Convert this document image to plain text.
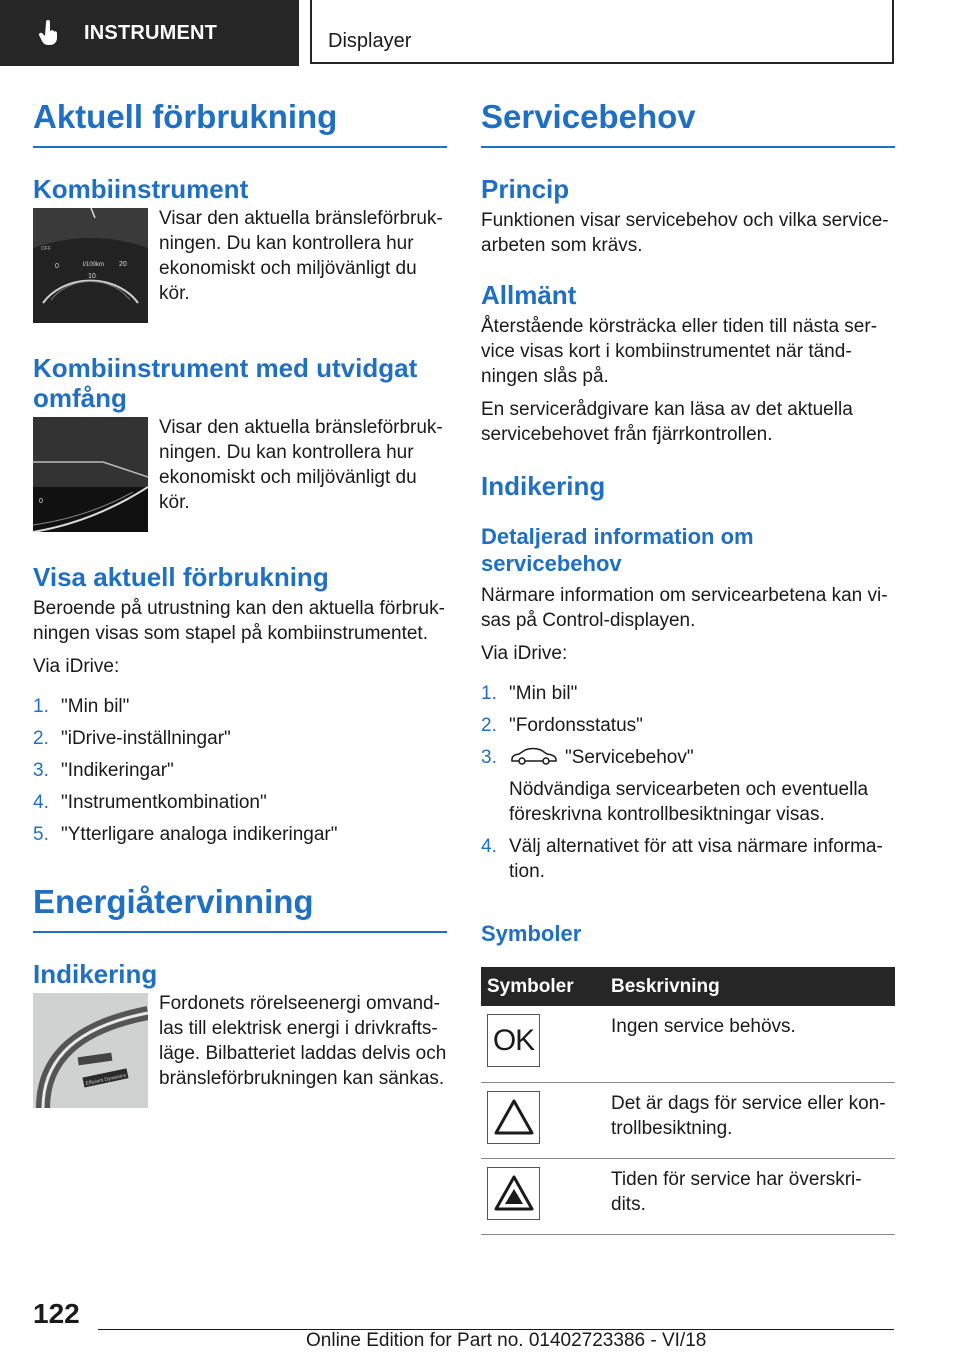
INSTRUMENT	Displayer
Aktuell förbrukning
Kombiinstrument
0	l/100km 20
10
OFF

Visar den aktuella bränsleförbrukningen. Du kan kontrollera hur ekonomiskt och miljövänligt du kör.

Kombiinstrument med utvidgat omfång
0

Visar den aktuella bränsleförbrukningen. Du kan kontrollera hur ekonomiskt och miljövänligt du kör.

Visa aktuell förbrukning

Beroende på utrustning kan den aktuella förbrukningen visas som stapel på kombiinstrumentet.

Via iDrive:

1. "Min bil"
2. "iDrive-inställningar"
3. "Indikeringar"
4. "Instrumentkombination"
5. "Ytterligare analoga indikeringar"
Energiåtervinning
Indikering
Efficient Dynamics

Fordonets rörelseenergi omvandlas till elektrisk energi i drivkraftsläge. Bilbatteriet laddas delvis och bränsleförbrukningen kan sänkas.

Servicebehov
Princip

Funktionen visar servicebehov och vilka servicearbeten som krävs.

Allmänt

Återstående körsträcka eller tiden till nästa service visas kort i kombiinstrumentet när tändningen slås på.

En servicerådgivare kan läsa av det aktuella servicebehovet från fjärrkontrollen.

Indikering
Detaljerad information om servicebehov

Närmare information om servicearbetena kan visas på Control-displayen.

Via iDrive:

1. "Min bil"
2. "Fordonsstatus"
3.	"Servicebehov"
Nödvändiga servicearbeten och eventuella föreskrivna kontrollbesiktningar visas.
4. Välj alternativet för att visa närmare information.
Symboler
Symboler	Beskrivning

OK	Ingen service behövs.

	Det är dags för service eller kontrollbesiktning.

	Tiden för service har överskridits.
122
Online Edition for Part no. 01402723386 - VI/18
